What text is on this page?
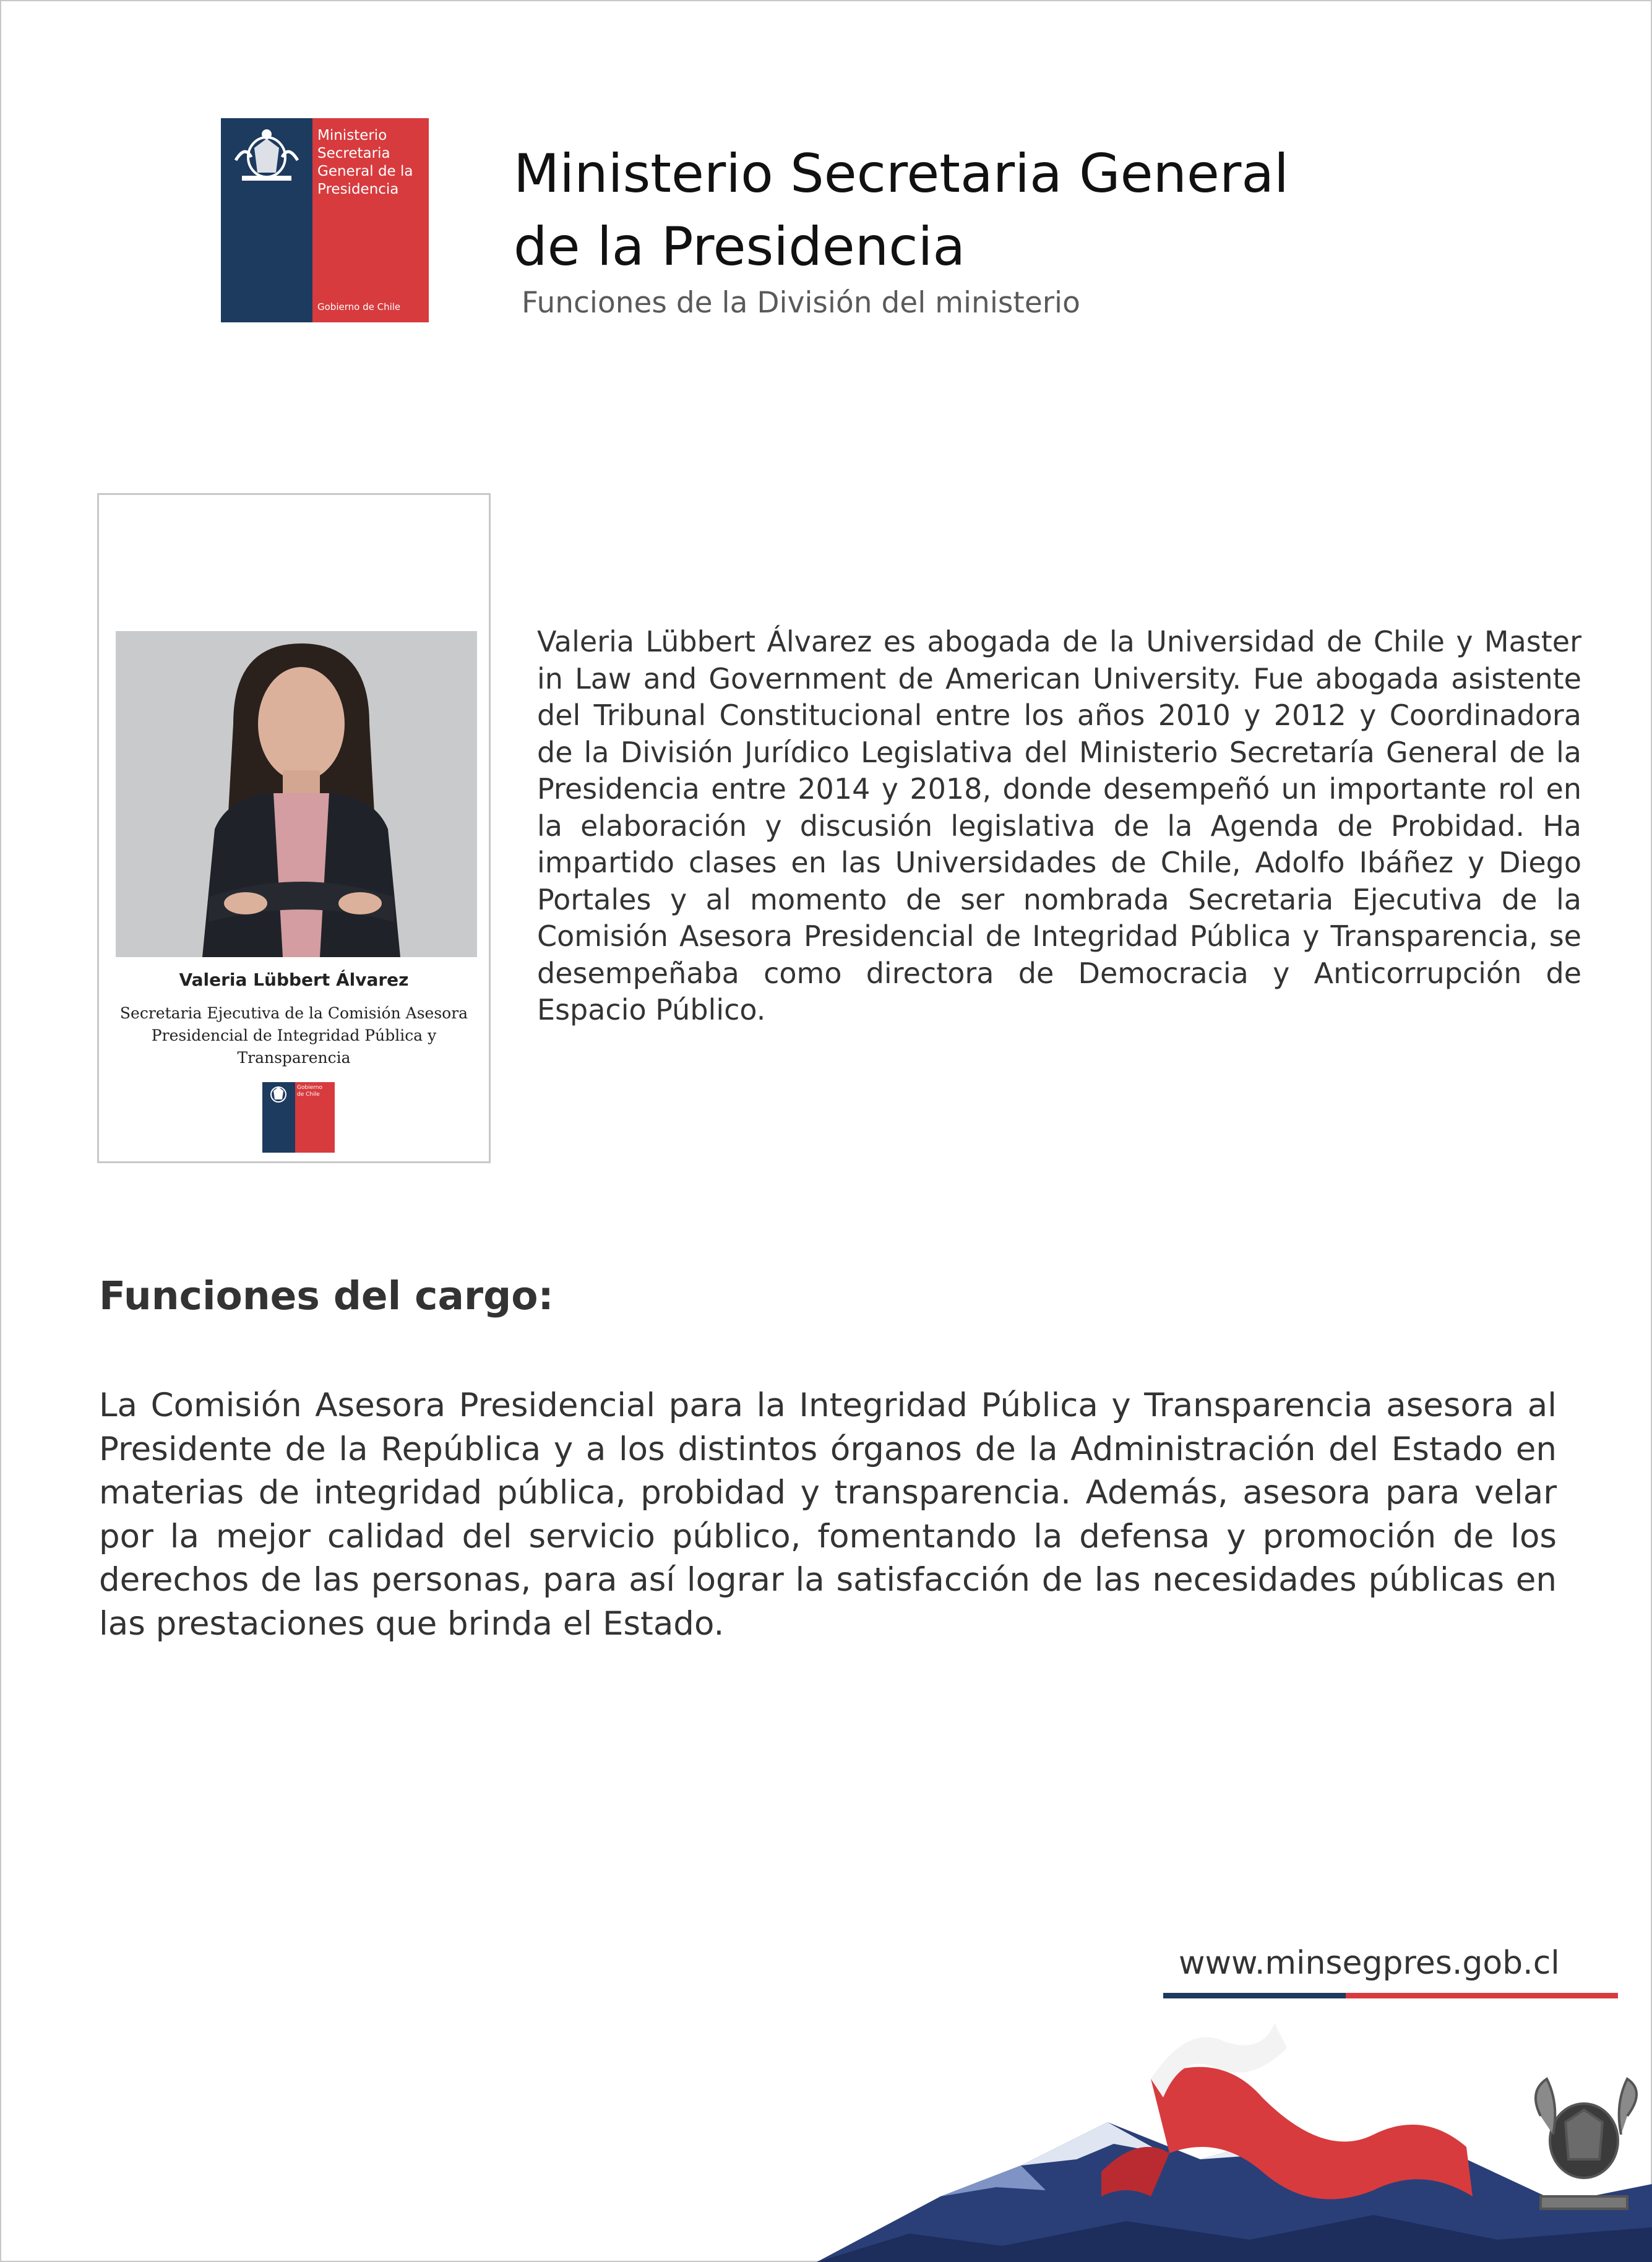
Ministerio
Secretaria
General de la
Presidencia
Gobierno de Chile
Ministerio Secretaria General
de la Presidencia
Funciones de la División del ministerio
Valeria Lübbert Álvarez
Secretaria Ejecutiva de la Comisión Asesora Presidencial de Integridad Pública y Transparencia
Gobierno
de Chile
Valeria Lübbert Álvarez es abogada de la Universidad de Chile y Master in Law and Government de American University. Fue abogada asistente del Tribunal Constitucional entre los años 2010 y 2012 y Coordinadora de la División Jurídico Legislativa del Ministerio Secretaría General de la Presidencia entre 2014 y 2018, donde desempeñó un importante rol en la elaboración y discusión legislativa de la Agenda de Probidad. Ha impartido clases en las Universidades de Chile, Adolfo Ibáñez y Diego Portales y al momento de ser nombrada Secretaria Ejecutiva de la Comisión Asesora Presidencial de Integridad Pública y Transparencia, se desempeñaba como directora de Democracia y Anticorrupción de Espacio Público.
Funciones del cargo:
La Comisión Asesora Presidencial para la Integridad Pública y Transparencia asesora al Presidente de la República y a los distintos órganos de la Administración del Estado en materias de integridad pública, probidad y transparencia. Además, asesora para velar por la mejor calidad del servicio público, fomentando la defensa y promoción de los derechos de las personas, para así lograr la satisfacción de las necesidades públicas en las prestaciones que brinda el Estado.
www.minsegpres.gob.cl
